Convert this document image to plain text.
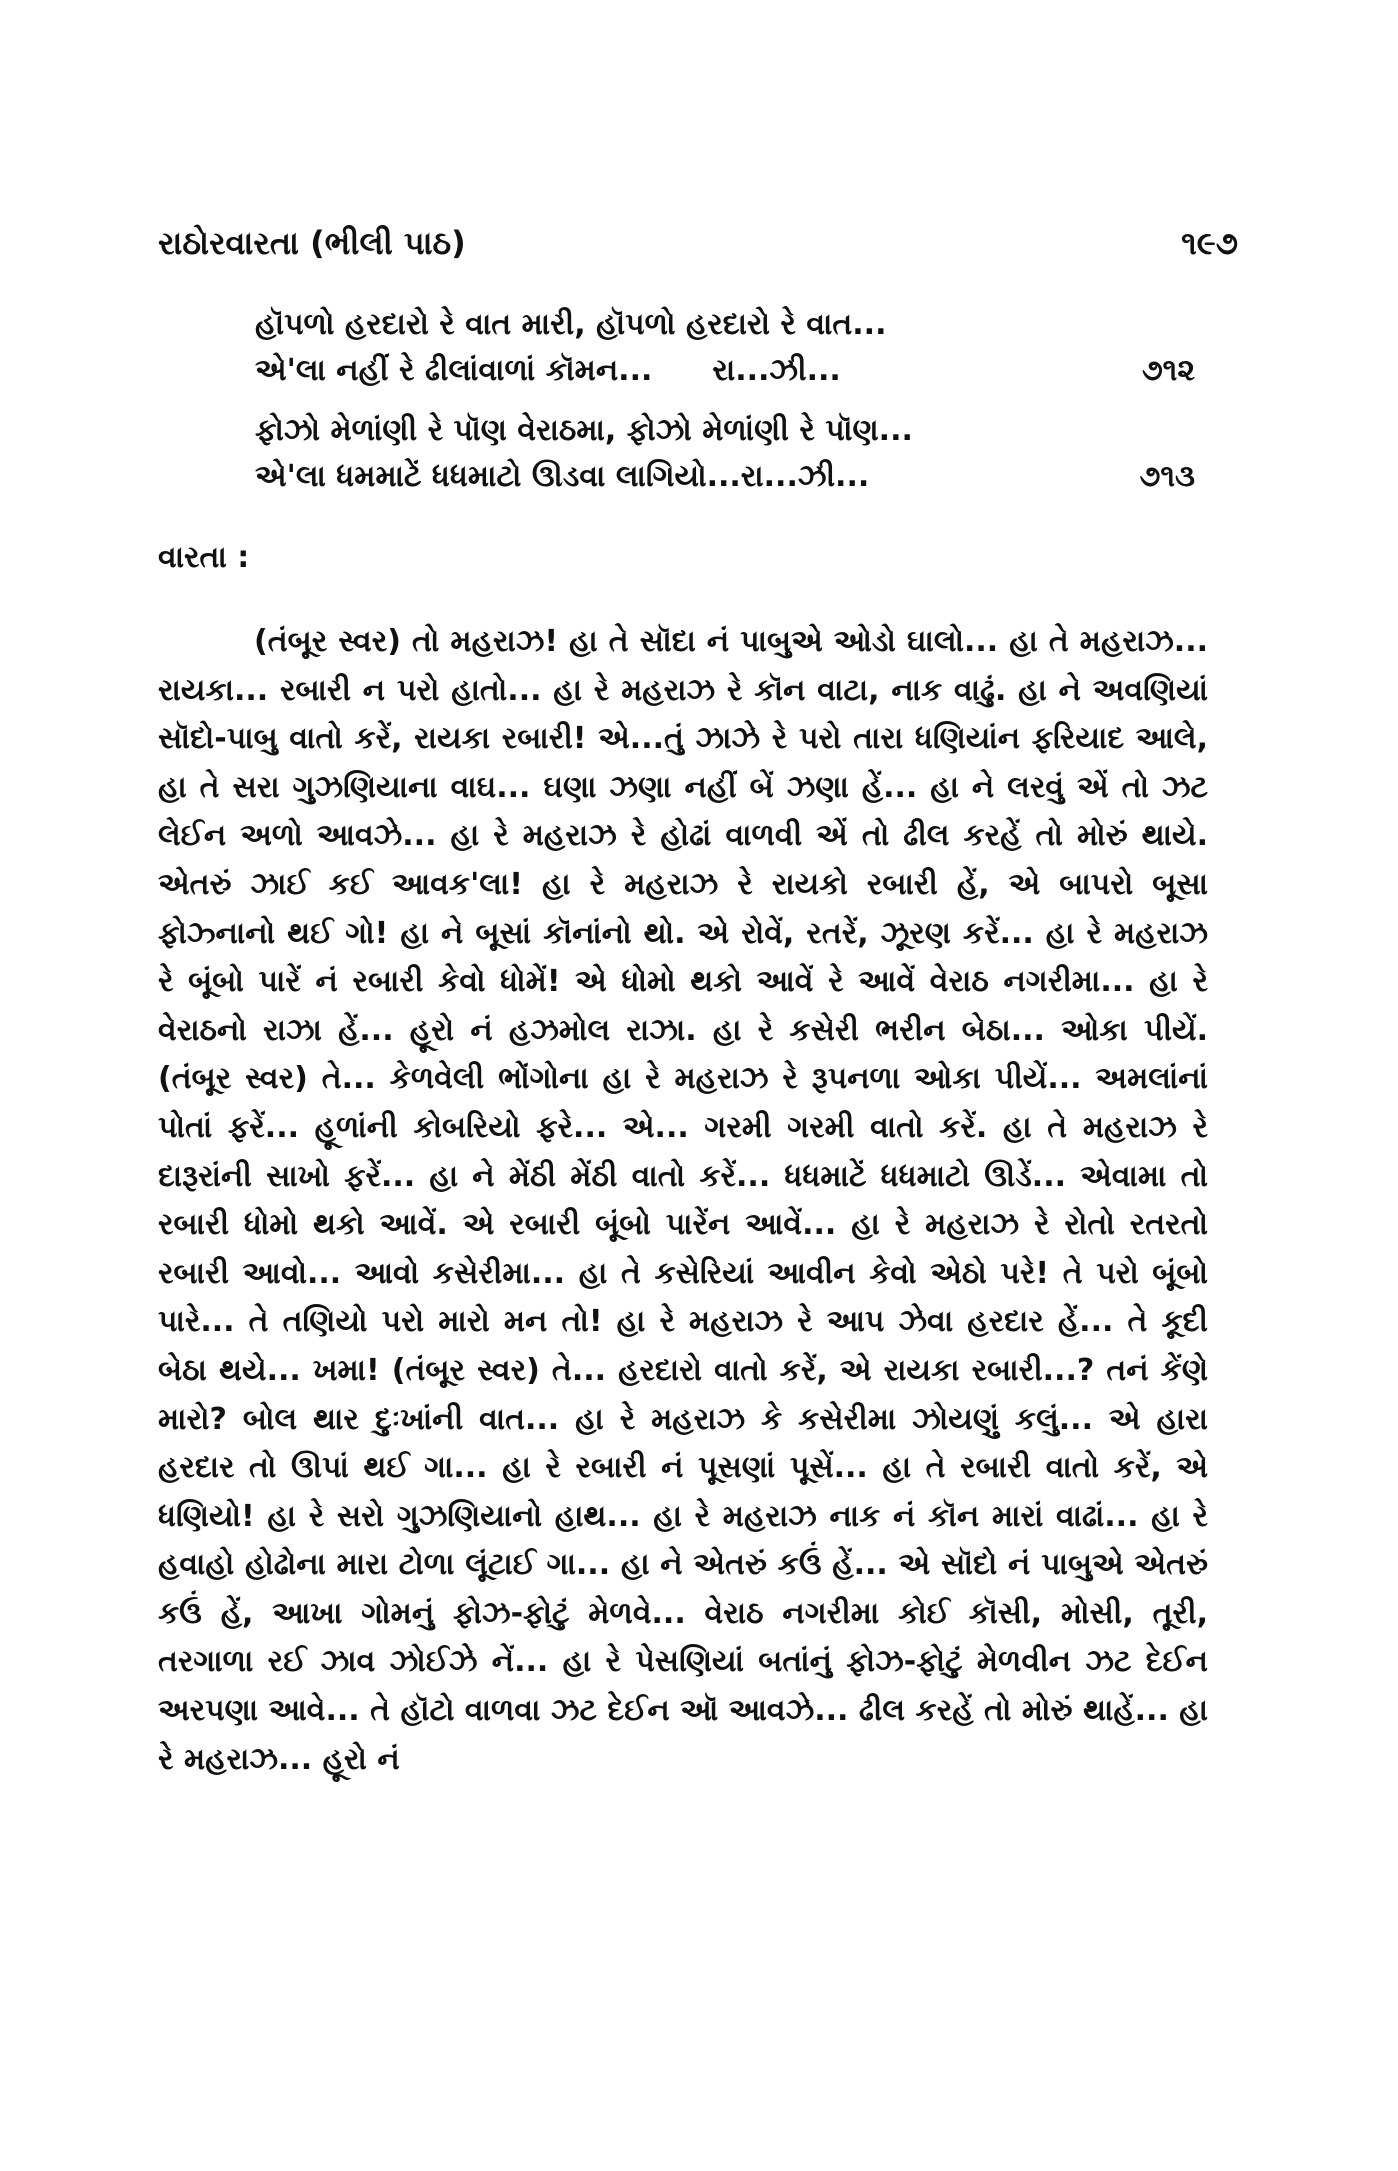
રાઠોરવારતા (ભીલી પાઠ)	૧૯૭
હૉપળો હરદારો રે વાત મારી, હૉપળો હરદારો રે વાત...
એ'લા નહીં રે ઢીલાંવાળાં કૉમન... રા...ઝી...	૭૧૨
ફોઝો મેળાંણી રે પૉણ વેરાઠમા, ફોઝો મેળાંણી રે પૉણ...
એ'લા ધમમાટેં ધધમાટો ઊડવા લાગિયો...રા...ઝી...	૭૧૩
વારતા :

(તંબૂર સ્વર) તો મહરાઝ! હા તે સૉદા નં પાબુએ ઓડો ઘાલો... હા તે મહરાઝ... રાયકા... રબારી ન પરો હાતો... હા રે મહરાઝ રે કૉન વાટા, નાક વાઢું. હા ને અવણિયાં સૉદો-પાબુ વાતો કરેં, રાયકા રબારી! એ...તું ઝાઝે રે પરો તારા ધણિયાંન ફરિયાદ આલે, હા તે સરા ગુઝણિયાના વાઘ... ઘણા ઝણા નહીં બેં ઝણા હેં... હા ને લરવું એં તો ઝટ લેઈન અળો આવઝે... હા રે મહરાઝ રે હોઢાં વાળવી એં તો ઢીલ કરહેં તો મોરું થાયે. એતરું ઝાઈ કઈ આવક'લા! હા રે મહરાઝ રે રાયકો રબારી હેં, એ બાપરો બૂસા ફોઝ્નાનો થઈ ગો! હા ને બૂસાં કૉનાંનો થો. એ રોવેં, રતરેં, ઝૂરણ કરેં... હા રે મહરાઝ રે બૂંબો પારેં નં રબારી કેવો ધોમેં! એ ધોમો થકો આવેં રે આવેં વેરાઠ નગરીમા... હા રે વેરાઠનો રાઝા હેં... હૂરો નં હઝમોલ રાઝા. હા રે કસેરી ભરીન બેઠા... ઓકા પીયેં. (તંબૂર સ્વર) તે... કેળવેલી ભોંગોના હા રે મહરાઝ રે રૂપનળા ઓકા પીયેં... અમલાંનાં પોતાં ફરેં... હૂળાંની કોબરિયો ફરે... એ... ગરમી ગરમી વાતો કરેં. હા તે મહરાઝ રે દારૂરાંની સાખો ફરેં... હા ને મેંઠી મેંઠી વાતો કરેં... ધધમાટેં ધધમાટો ઊડેં... એવામા તો રબારી ધોમો થકો આવેં. એ રબારી બૂંબો પારેંન આવેં... હા રે મહરાઝ રે રોતો રતરતો રબારી આવો... આવો કસેરીમા... હા તે કસેરિયાં આવીન કેવો એઠો પરે! તે પરો બૂંબો પારે... તે તણિયો પરો મારો મન તો! હા રે મહરાઝ રે આપ ઝેવા હરદાર હેં... તે કૂદી બેઠા થયે... ખમા! (તંબૂર સ્વર) તે... હરદારો વાતો કરેં, એ રાયકા રબારી...? તનં કેંણે મારો? બોલ થાર દુઃખાંની વાત... હા રે મહરાઝ કે કસેરીમા ઝોયણું કલું... એ હારા હરદાર તો ઊપાં થઈ ગા... હા રે રબારી નં પૂસણાં પૂસેં... હા તે રબારી વાતો કરેં, એ ધણિયો! હા રે સરો ગુઝણિયાનો હાથ... હા રે મહરાઝ નાક નં કૉન મારાં વાઢાં... હા રે હવાહો હોઢોના મારા ટોળા લૂંટાઈ ગા... હા ને એતરું કઉં હેં... એ સૉદો નં પાબુએ એતરું કઉં હેં, આખા ગોમનું ફોઝ-ફોટું મેળવે... વેરાઠ નગરીમા કોઈ કૉસી, મોસી, તૂરી, તરગાળા રઈ ઝાવ ઝોઈઝે નેં... હા રે પેસણિયાં બતાંનું ફોઝ-ફોટું મેળવીન ઝટ દેઈન અરપણા આવે... તે હૉટો વાળવા ઝટ દેઈન ઑ આવઝે... ઢીલ કરહેં તો મોરું થાહેં... હા રે મહરાઝ... હૂરો નં
